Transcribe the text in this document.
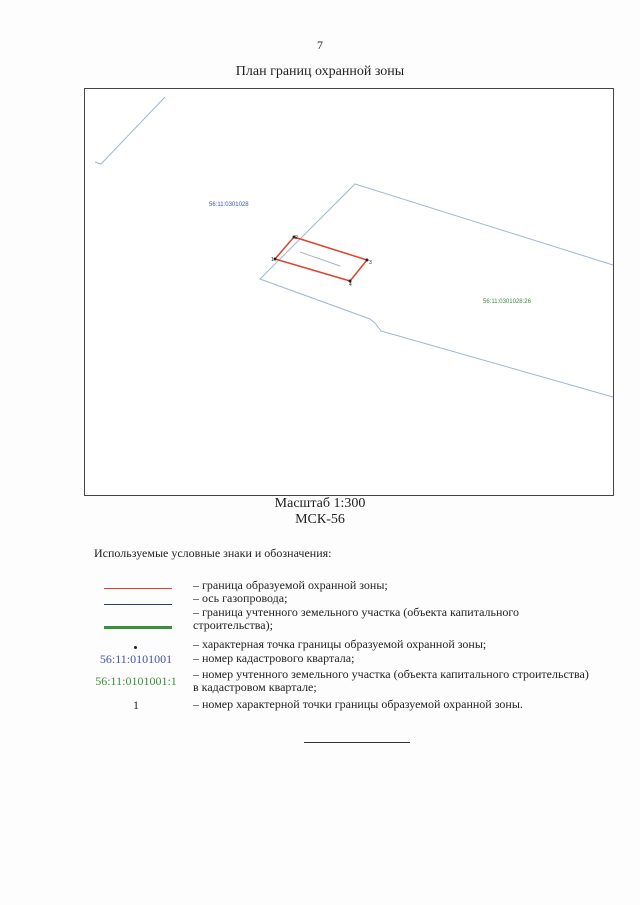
7
План границ охранной зоны
1
2
3
4
56:11:0301028
56:11:0301028:26
Масштаб 1:300
МСК-56
Используемые условные знаки и обозначения:
– граница образуемой охранной зоны;
– ось газопровода;
– граница учтенного земельного участка (объекта капитального строительства);
– характерная точка границы образуемой охранной зоны;
56:11:0101001	– номер кадастрового квартала;
56:11:0101001:1	– номер учтенного земельного участка (объекта капитального строительства) в кадастровом квартале;
1	– номер характерной точки границы образуемой охранной зоны.
